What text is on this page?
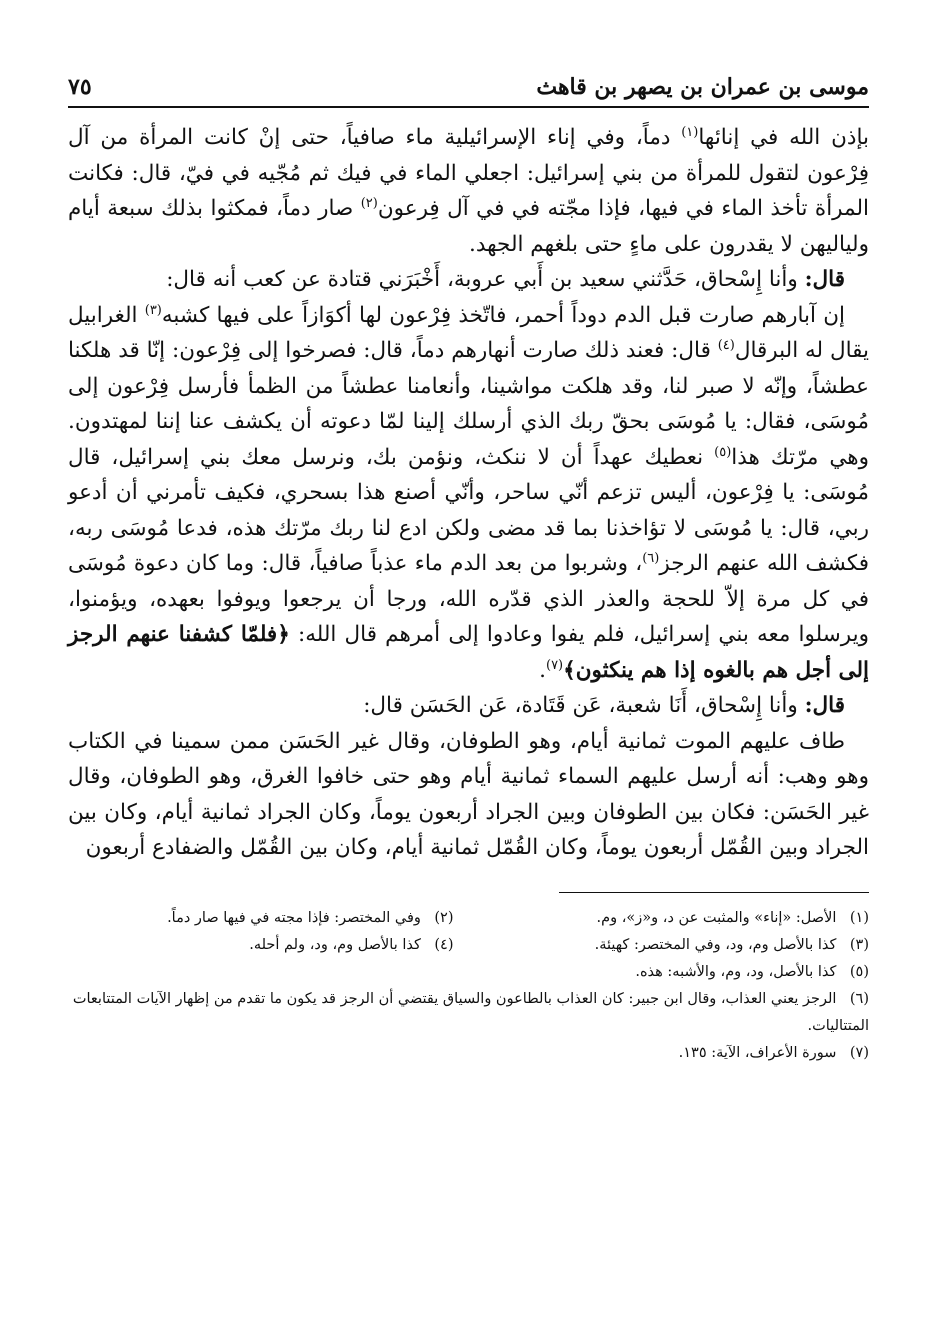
موسى بن عمران بن يصهر بن قاهث
٧٥

بإذن الله في إنائها$^{(١)}$ دماً، وفي إناء الإسرائيلية ماء صافياً، حتى إنْ كانت المرأة من آل فِرْعون لتقول للمرأة من بني إسرائيل: اجعلي الماء في فيك ثم مُجّيه في فيّ، قال: فكانت المرأة تأخذ الماء في فيها، فإذا مجّته في في آل فِرعون$^{(٢)}$ صار دماً، فمكثوا بذلك سبعة أيام ولياليهن لا يقدرون على ماءٍ حتى بلغهم الجهد.

قال: وأنا إِسْحاق، حَدَّثني سعيد بن أَبي عروبة، أَخْبَرَني قتادة عن كعب أنه قال:

إن آبارهم صارت قبل الدم دوداً أحمر، فاتّخذ فِرْعون لها أكوَازاً على فيها كشبه$^{(٣)}$ الغرابيل يقال له البرقال$^{(٤)}$ قال: فعند ذلك صارت أنهارهم دماً، قال: فصرخوا إلى فِرْعون: إنّا قد هلكنا عطشاً، وإنّه لا صبر لنا، وقد هلكت مواشينا، وأنعامنا عطشاً من الظمأ فأرسل فِرْعون إلى مُوسَى، فقال: يا مُوسَى بحقّ ربك الذي أرسلك إلينا لمّا دعوته أن يكشف عنا إننا لمهتدون. وهي مرّتك هذا$^{(٥)}$ نعطيك عهداً أن لا ننكث، ونؤمن بك، ونرسل معك بني إسرائيل، قال مُوسَى: يا فِرْعون، أليس تزعم أنّي ساحر، وأنّي أصنع هذا بسحري، فكيف تأمرني أن أدعو ربي، قال: يا مُوسَى لا تؤاخذنا بما قد مضى ولكن ادع لنا ربك مرّتك هذه، فدعا مُوسَى ربه، فكشف الله عنهم الرجز$^{(٦)}$، وشربوا من بعد الدم ماء عذباً صافياً، قال: وما كان دعوة مُوسَى في كل مرة إلاّ للحجة والعذر الذي قدّره الله، ورجا أن يرجعوا ويوفوا بعهده، ويؤمنوا، ويرسلوا معه بني إسرائيل، فلم يفوا وعادوا إلى أمرهم قال الله: ﴿فلمّا كشفنا عنهم الرجز إلى أجل هم بالغوه إذا هم ينكثون﴾$^{(٧)}$.

قال: وأنا إِسْحاق، أَنَا شعبة، عَن قَتَادة، عَن الحَسَن قال:

طاف عليهم الموت ثمانية أيام، وهو الطوفان، وقال غير الحَسَن ممن سمينا في الكتاب وهو وهب: أنه أرسل عليهم السماء ثمانية أيام وهو حتى خافوا الغرق، وهو الطوفان، وقال غير الحَسَن: فكان بين الطوفان وبين الجراد أربعون يوماً، وكان الجراد ثمانية أيام، وكان بين الجراد وبين القُمّل أربعون يوماً، وكان القُمّل ثمانية أيام، وكان بين القُمّل والضفادع أربعون

(١) الأصل: «إناء» والمثبت عن د، و«ز»، وم.
(٢) وفي المختصر: فإذا مجته في فيها صار دماً.
(٣) كذا بالأصل وم، ود، وفي المختصر: كهيئة.
(٤) كذا بالأصل وم، ود، ولم أحله.
(٥) كذا بالأصل، ود، وم، والأشبه: هذه.
(٦) الرجز يعني العذاب، وقال ابن جبير: كان العذاب بالطاعون والسياق يقتضي أن الرجز قد يكون ما تقدم من إظهار الآيات المتتابعات المتتاليات.
(٧) سورة الأعراف، الآية: ١٣٥.
